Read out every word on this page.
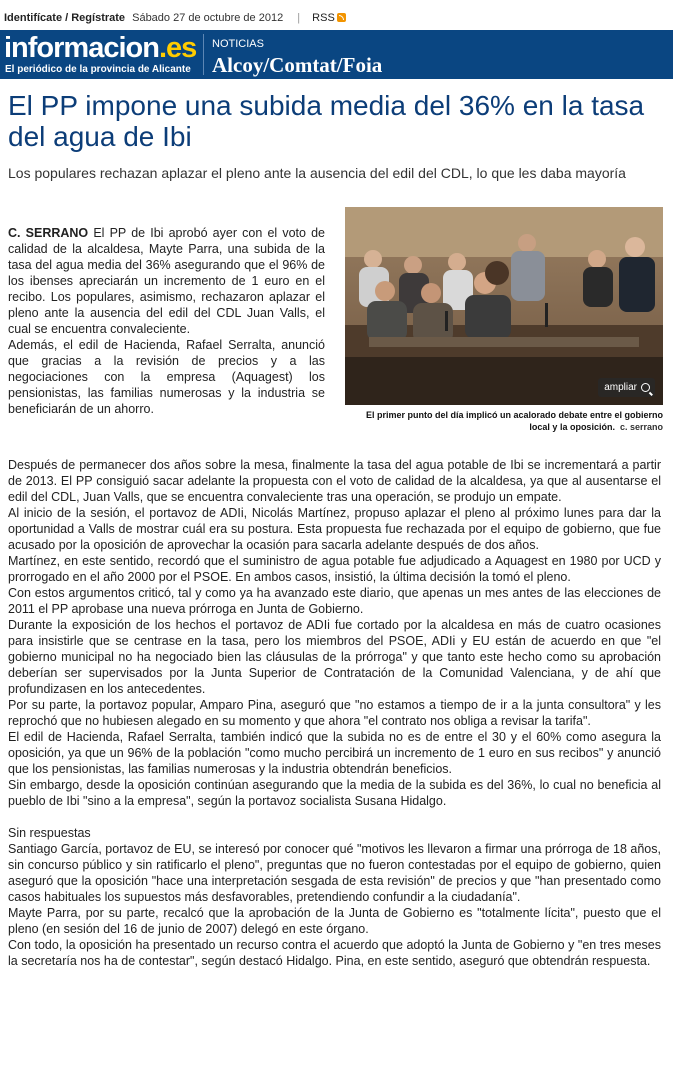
Identifícate / Regístrate Sábado 27 de octubre de 2012 | RSS
informacion.es
El periódico de la provincia de Alicante
NOTICIAS
Alcoy/Comtat/Foia
El PP impone una subida media del 36% en la tasa del agua de Ibi

Los populares rechazan aplazar el pleno ante la ausencia del edil del CDL, lo que les daba mayoría

ampliar

El primer punto del día implicó un acalorado debate entre el gobierno local y la oposición. c. serrano

C. SERRANO El PP de Ibi aprobó ayer con el voto de calidad de la alcaldesa, Mayte Parra, una subida de la tasa del agua media del 36% asegurando que el 96% de los ibenses apreciarán un incremento de 1 euro en el recibo. Los populares, asimismo, rechazaron aplazar el pleno ante la ausencia del edil del CDL Juan Valls, el cual se encuentra convaleciente.

Además, el edil de Hacienda, Rafael Serralta, anunció que gracias a la revisión de precios y a las negociaciones con la empresa (Aquagest) los pensionistas, las familias numerosas y la industria se beneficiarán de un ahorro.

Después de permanecer dos años sobre la mesa, finalmente la tasa del agua potable de Ibi se incrementará a partir de 2013. El PP consiguió sacar adelante la propuesta con el voto de calidad de la alcaldesa, ya que al ausentarse el edil del CDL, Juan Valls, que se encuentra convaleciente tras una operación, se produjo un empate.

Al inicio de la sesión, el portavoz de ADIi, Nicolás Martínez, propuso aplazar el pleno al próximo lunes para dar la oportunidad a Valls de mostrar cuál era su postura. Esta propuesta fue rechazada por el equipo de gobierno, que fue acusado por la oposición de aprovechar la ocasión para sacarla adelante después de dos años.

Martínez, en este sentido, recordó que el suministro de agua potable fue adjudicado a Aquagest en 1980 por UCD y prorrogado en el año 2000 por el PSOE. En ambos casos, insistió, la última decisión la tomó el pleno.

Con estos argumentos criticó, tal y como ya ha avanzado este diario, que apenas un mes antes de las elecciones de 2011 el PP aprobase una nueva prórroga en Junta de Gobierno.

Durante la exposición de los hechos el portavoz de ADIi fue cortado por la alcaldesa en más de cuatro ocasiones para insistirle que se centrase en la tasa, pero los miembros del PSOE, ADIi y EU están de acuerdo en que "el gobierno municipal no ha negociado bien las cláusulas de la prórroga" y que tanto este hecho como su aprobación deberían ser supervisados por la Junta Superior de Contratación de la Comunidad Valenciana, y de ahí que profundizasen en los antecedentes.

Por su parte, la portavoz popular, Amparo Pina, aseguró que "no estamos a tiempo de ir a la junta consultora" y les reprochó que no hubiesen alegado en su momento y que ahora "el contrato nos obliga a revisar la tarifa".

El edil de Hacienda, Rafael Serralta, también indicó que la subida no es de entre el 30 y el 60% como asegura la oposición, ya que un 96% de la población "como mucho percibirá un incremento de 1 euro en sus recibos" y anunció que los pensionistas, las familias numerosas y la industria obtendrán beneficios.

Sin embargo, desde la oposición continúan asegurando que la media de la subida es del 36%, lo cual no beneficia al pueblo de Ibi "sino a la empresa", según la portavoz socialista Susana Hidalgo.

Sin respuestas

Santiago García, portavoz de EU, se interesó por conocer qué "motivos les llevaron a firmar una prórroga de 18 años, sin concurso público y sin ratificarlo el pleno", preguntas que no fueron contestadas por el equipo de gobierno, quien aseguró que la oposición "hace una interpretación sesgada de esta revisión" de precios y que "han presentado como casos habituales los supuestos más desfavorables, pretendiendo confundir a la ciudadanía".

Mayte Parra, por su parte, recalcó que la aprobación de la Junta de Gobierno es "totalmente lícita", puesto que el pleno (en sesión del 16 de junio de 2007) delegó en este órgano.

Con todo, la oposición ha presentado un recurso contra el acuerdo que adoptó la Junta de Gobierno y "en tres meses la secretaría nos ha de contestar", según destacó Hidalgo. Pina, en este sentido, aseguró que obtendrán respuesta.
